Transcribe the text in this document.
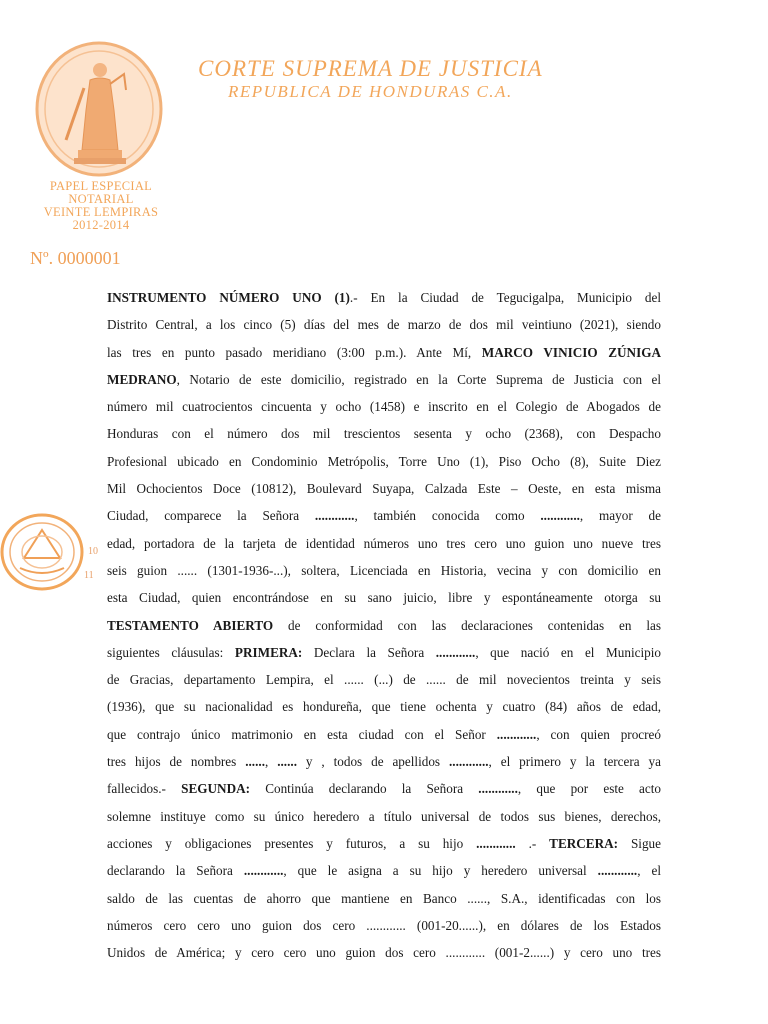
CORTE SUPREMA DE JUSTICIA
REPUBLICA DE HONDURAS C.A.
PAPEL ESPECIAL
NOTARIAL
VEINTE LEMPIRAS
2012-2014
Nº. 0000001
10
11
INSTRUMENTO NÚMERO UNO (1).- En la Ciudad de Tegucigalpa, Municipio del
Distrito Central, a los cinco (5) días del mes de marzo de dos mil veintiuno (2021), siendo
las tres en punto pasado meridiano (3:00 p.m.). Ante Mí, MARCO VINICIO ZÚNIGA
MEDRANO, Notario de este domicilio, registrado en la Corte Suprema de Justicia con el
número mil cuatrocientos cincuenta y ocho (1458) e inscrito en el Colegio de Abogados de
Honduras con el número dos mil trescientos sesenta y ocho (2368), con Despacho
Profesional ubicado en Condominio Metrópolis, Torre Uno (1), Piso Ocho (8), Suite Diez
Mil Ochocientos Doce (10812), Boulevard Suyapa, Calzada Este – Oeste, en esta misma
Ciudad, comparece la Señora ............, también conocida como ............, mayor de
edad, portadora de la tarjeta de identidad números uno tres cero uno guion uno nueve tres
seis guion ...... (1301-1936-...), soltera, Licenciada en Historia, vecina y con domicilio en
esta Ciudad, quien encontrándose en su sano juicio, libre y espontáneamente otorga su
TESTAMENTO ABIERTO de conformidad con las declaraciones contenidas en las
siguientes cláusulas: PRIMERA: Declara la Señora ............, que nació en el Municipio
de Gracias, departamento Lempira, el ...... (...) de ...... de mil novecientos treinta y seis
(1936), que su nacionalidad es hondureña, que tiene ochenta y cuatro (84) años de edad,
que contrajo único matrimonio en esta ciudad con el Señor ............, con quien procreó
tres hijos de nombres ......, ...... y , todos de apellidos ............, el primero y la tercera ya
fallecidos.- SEGUNDA: Continúa declarando la Señora ............, que por este acto
solemne instituye como su único heredero a título universal de todos sus bienes, derechos,
acciones y obligaciones presentes y futuros, a su hijo ............ .- TERCERA: Sigue
declarando la Señora ............, que le asigna a su hijo y heredero universal ............, el
saldo de las cuentas de ahorro que mantiene en Banco ......, S.A., identificadas con los
números cero cero uno guion dos cero ............ (001-20......), en dólares de los Estados
Unidos de América; y cero cero uno guion dos cero ............ (001-2......) y cero uno tres
